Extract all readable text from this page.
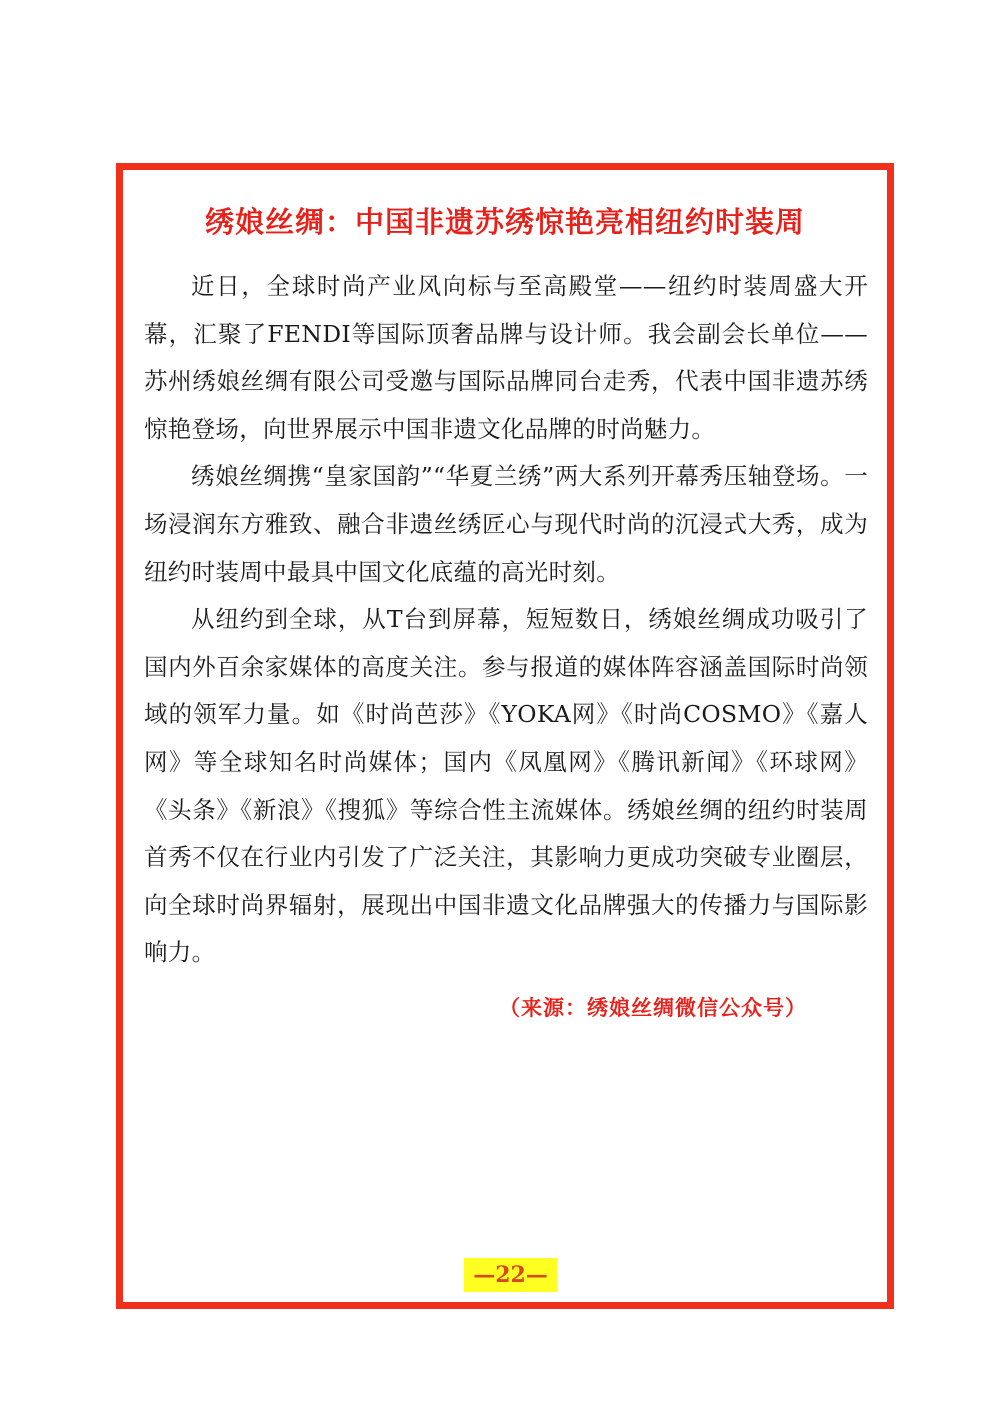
绣娘丝绸：中国非遗苏绣惊艳亮相纽约时装周

近日，全球时尚产业风向标与至高殿堂——纽约时装周盛大开幕，汇聚了FENDI等国际顶奢品牌与设计师。我会副会长单位——苏州绣娘丝绸有限公司受邀与国际品牌同台走秀，代表中国非遗苏绣惊艳登场，向世界展示中国非遗文化品牌的时尚魅力。

绣娘丝绸携“皇家国韵”“华夏兰绣”两大系列开幕秀压轴登场。一场浸润东方雅致、融合非遗丝绣匠心与现代时尚的沉浸式大秀，成为纽约时装周中最具中国文化底蕴的高光时刻。

从纽约到全球，从T台到屏幕，短短数日，绣娘丝绸成功吸引了国内外百余家媒体的高度关注。参与报道的媒体阵容涵盖国际时尚领域的领军力量。如《时尚芭莎》《YOKA网》《时尚COSMO》《嘉人网》等全球知名时尚媒体；国内《凤凰网》《腾讯新闻》《环球网》《头条》《新浪》《搜狐》等综合性主流媒体。绣娘丝绸的纽约时装周首秀不仅在行业内引发了广泛关注，其影响力更成功突破专业圈层，向全球时尚界辐射，展现出中国非遗文化品牌强大的传播力与国际影响力。

（来源：绣娘丝绸微信公众号）
—22—
